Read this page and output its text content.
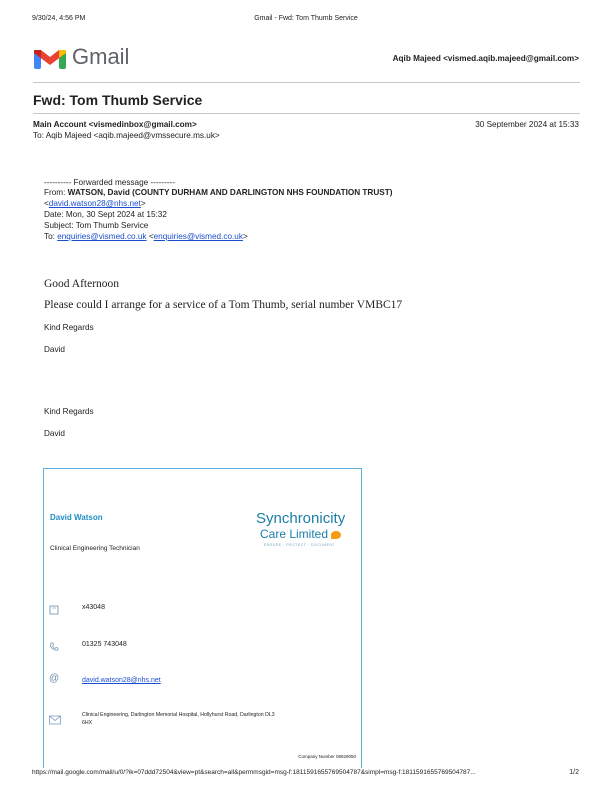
9/30/24, 4:56 PM	Gmail - Fwd: Tom Thumb Service
Gmail	Aqib Majeed <vismed.aqib.majeed@gmail.com>
Fwd: Tom Thumb Service
Main Account <vismedinbox@gmail.com>	30 September 2024 at 15:33
To: Aqib Majeed <aqib.majeed@vmssecure.ms.uk>
---------- Forwarded message ---------
From: WATSON, David (COUNTY DURHAM AND DARLINGTON NHS FOUNDATION TRUST)
<david.watson28@nhs.net>
Date: Mon, 30 Sept 2024 at 15:32
Subject: Tom Thumb Service
To: enquiries@vismed.co.uk <enquiries@vismed.co.uk>
Good Afternoon
Please could I arrange for a service of a Tom Thumb, serial number VMBC17
Kind Regards
David
Kind Regards
David
David Watson
Clinical Engineering Technician
Synchronicity
Care Limited
ENSURE · PROTECT · DOCUMENT
x43048
01325 743048
@	david.watson28@nhs.net
Clinical Engineering, Darlington Memorial Hospital, Hollyhurst Road, Darlington DL3
6HX
Company Number 08929050
https://mail.google.com/mail/u/0/?ik=07ddd72504&view=pt&search=all&permmsgid=msg-f:1811591655769504787&simpl=msg-f:1811591655769504787...	1/2
